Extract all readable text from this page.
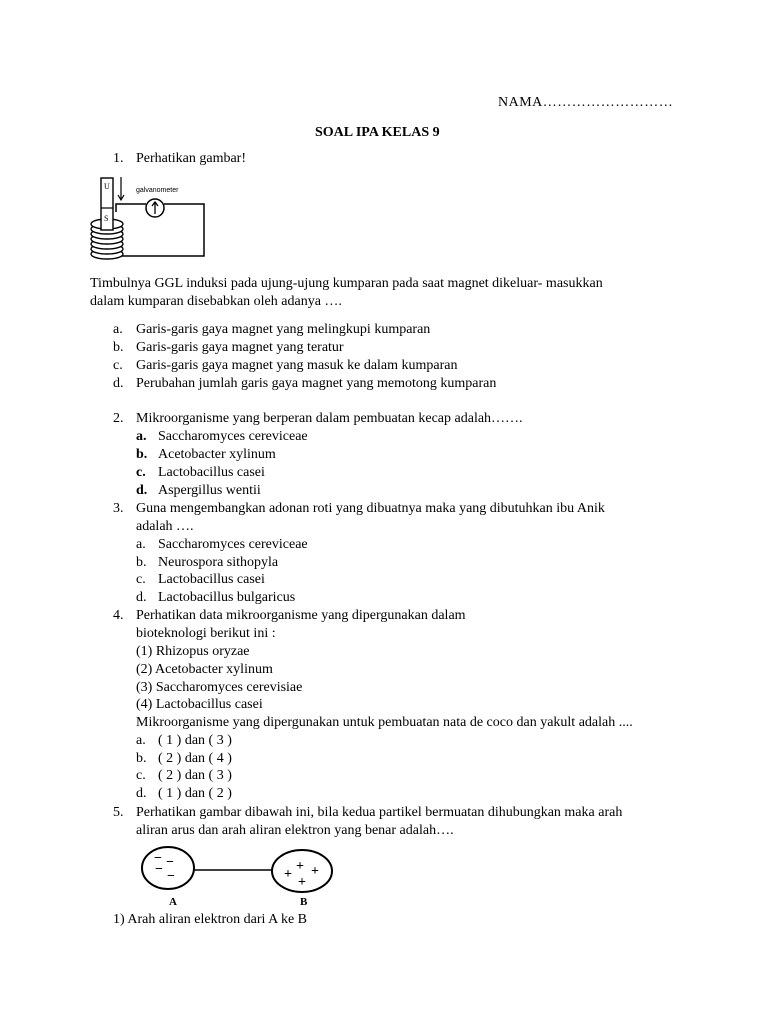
NAMA………………………
SOAL IPA KELAS 9
1. Perhatikan gambar!
galvanometer
U
S
Timbulnya GGL induksi pada ujung-ujung kumparan pada saat magnet dikeluar- masukkan
dalam kumparan disebabkan oleh adanya ….
a. Garis-garis gaya magnet yang melingkupi kumparan
b. Garis-garis gaya magnet yang teratur
c. Garis-garis gaya magnet yang masuk ke dalam kumparan
d. Perubahan jumlah garis gaya magnet yang memotong kumparan
2. Mikroorganisme yang berperan dalam pembuatan kecap adalah…….
a. Saccharomyces cereviceae
b. Acetobacter xylinum
c. Lactobacillus casei
d. Aspergillus wentii
3. Guna mengembangkan adonan roti yang dibuatnya maka yang dibutuhkan ibu Anik
adalah ….
a. Saccharomyces cereviceae
b. Neurospora sithopyla
c. Lactobacillus casei
d. Lactobacillus bulgaricus
4. Perhatikan data mikroorganisme yang dipergunakan dalam
bioteknologi berikut ini :
(1) Rhizopus oryzae
(2) Acetobacter xylinum
(3) Saccharomyces cerevisiae
(4) Lactobacillus casei
Mikroorganisme yang dipergunakan untuk pembuatan nata de coco dan yakult adalah ....
a. ( 1 ) dan ( 3 )
b. ( 2 ) dan ( 4 )
c. ( 2 ) dan ( 3 )
d. ( 1 ) dan ( 2 )
5. Perhatikan gambar dibawah ini, bila kedua partikel bermuatan dihubungkan maka arah
aliran arus dan arah aliran elektron yang benar adalah….
− −
− −
+
+ +
+
A	B
1) Arah aliran elektron dari A ke B
